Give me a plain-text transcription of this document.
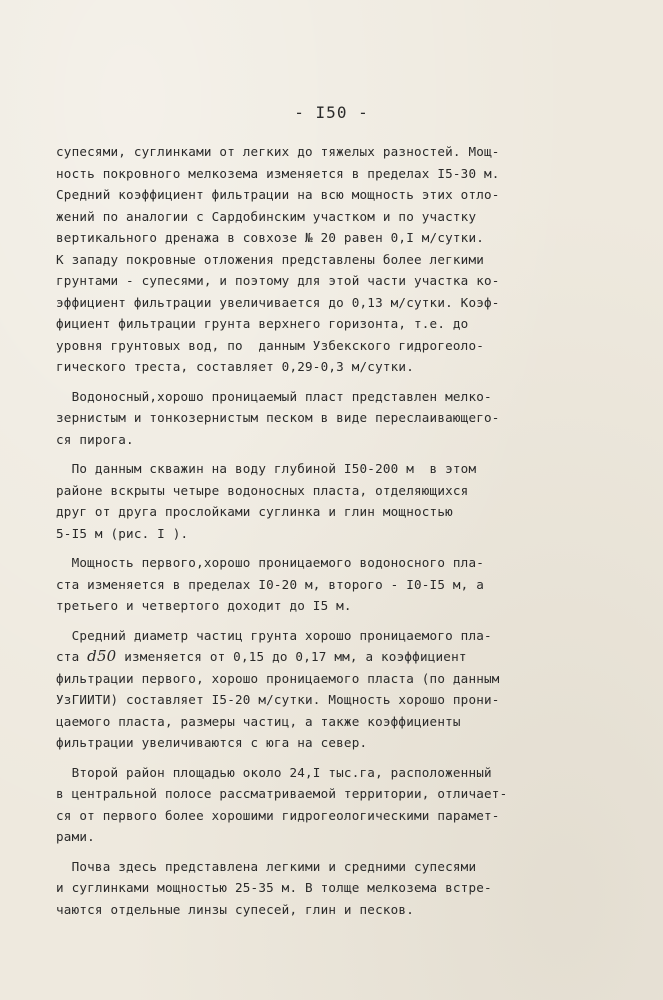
- I50 -
супесями, суглинками от легких до тяжелых разностей. Мощ-
ность покровного мелкозема изменяется в пределах I5-30 м.
Средний коэффициент фильтрации на всю мощность этих отло-
жений по аналогии с Сардобинским участком и по участку
вертикального дренажа в совхозе № 20 равен 0,I м/сутки.
К западу покровные отложения представлены более легкими
грунтами - супесями, и поэтому для этой части участка ко-
эффициент фильтрации увеличивается до 0,13 м/сутки. Коэф-
фициент фильтрации грунта верхнего горизонта, т.е. до
уровня грунтовых вод, по  данным Узбекского гидрогеоло-
гического треста, составляет 0,29-0,3 м/сутки.
Водоносный,хорошо проницаемый пласт представлен мелко-
зернистым и тонкозернистым песком в виде переслаивающего-
ся пирога.
По данным скважин на воду глубиной I50-200 м  в этом
районе вскрыты четыре водоносных пласта, отделяющихся
друг от друга прослойками суглинка и глин мощностью
5-I5 м (рис. I ).
Мощность первого,хорошо проницаемого водоносного пла-
ста изменяется в пределах I0-20 м, второго - I0-I5 м, а
третьего и четвертого доходит до I5 м.
Средний диаметр частиц грунта хорошо проницаемого пла-
ста d50 изменяется от 0,15 до 0,17 мм, а коэффициент
фильтрации первого, хорошо проницаемого пласта (по данным
УзГИИТИ) составляет I5-20 м/сутки. Мощность хорошо прони-
цаемого пласта, размеры частиц, а также коэффициенты
фильтрации увеличиваются с юга на север.
Второй район площадью около 24,I тыс.га, расположенный
в центральной полосе рассматриваемой территории, отличает-
ся от первого более хорошими гидрогеологическими парамет-
рами.
Почва здесь представлена легкими и средними супесями
и суглинками мощностью 25-35 м. В толще мелкозема встре-
чаются отдельные линзы супесей, глин и песков.
